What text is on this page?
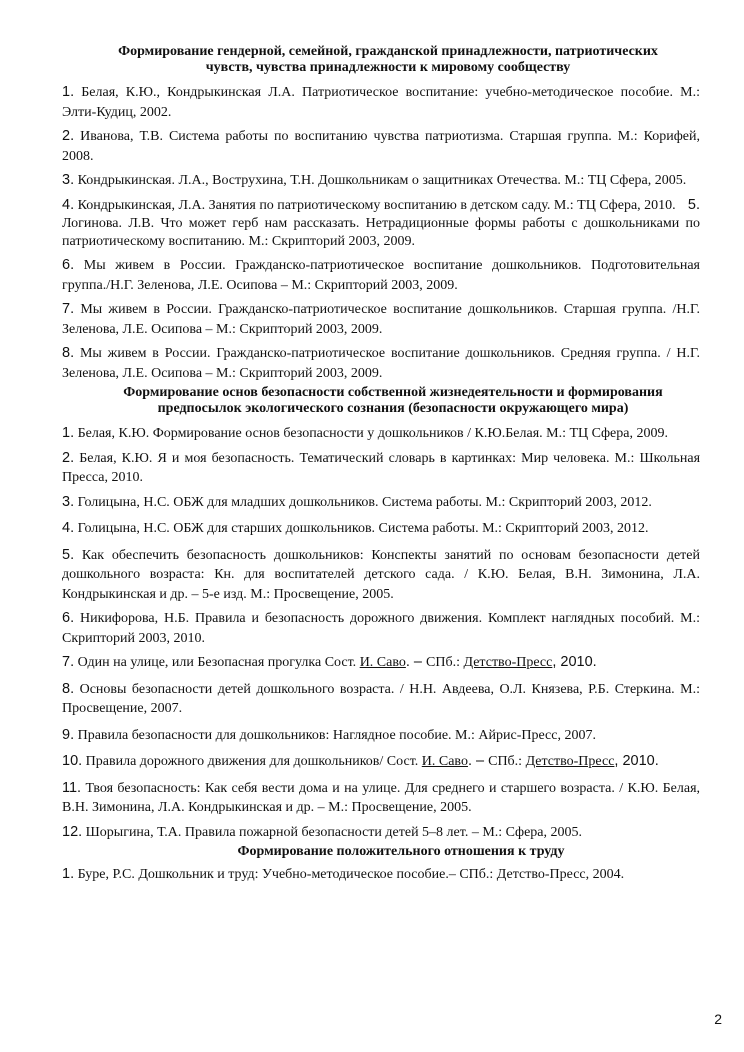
Формирование гендерной, семейной, гражданской принадлежности, патриотических чувств, чувства принадлежности к мировому сообществу
1. Белая, К.Ю., Кондрыкинская Л.А. Патриотическое воспитание: учебно-методическое пособие. М.: Элти-Кудиц, 2002.
2. Иванова, Т.В. Система работы по воспитанию чувства патриотизма. Старшая группа. М.: Корифей, 2008.
3. Кондрыкинская. Л.А., Вострухина, Т.Н. Дошкольникам о защитниках Отечества. М.: ТЦ Сфера, 2005.
4. Кондрыкинская, Л.А. Занятия по патриотическому воспитанию в детском саду. М.: ТЦ Сфера, 2010. 5.
Логинова. Л.В. Что может герб нам рассказать. Нетрадиционные формы работы с дошкольниками по патриотическому воспитанию. М.: Скрипторий 2003, 2009.
6. Мы живем в России. Гражданско-патриотическое воспитание дошкольников. Подготовительная группа./Н.Г. Зеленова, Л.Е. Осипова – М.: Скрипторий 2003, 2009.
7. Мы живем в России. Гражданско-патриотическое воспитание дошкольников. Старшая группа. /Н.Г. Зеленова, Л.Е. Осипова – М.: Скрипторий 2003, 2009.
8. Мы живем в России. Гражданско-патриотическое воспитание дошкольников. Средняя группа. / Н.Г. Зеленова, Л.Е. Осипова – М.: Скрипторий 2003, 2009.
Формирование основ безопасности собственной жизнедеятельности и формирования предпосылок экологического сознания (безопасности окружающего мира)
1. Белая, К.Ю. Формирование основ безопасности у дошкольников / К.Ю.Белая. М.: ТЦ Сфера, 2009.
2. Белая, К.Ю. Я и моя безопасность. Тематический словарь в картинках: Мир человека. М.: Школьная Пресса, 2010.
3. Голицына, Н.С. ОБЖ для младших дошкольников. Система работы. М.: Скрипторий 2003, 2012.
4. Голицына, Н.С. ОБЖ для старших дошкольников. Система работы. М.: Скрипторий 2003, 2012.
5. Как обеспечить безопасность дошкольников: Конспекты занятий по основам безопасности детей дошкольного возраста: Кн. для воспитателей детского сада. / К.Ю. Белая, В.Н. Зимонина, Л.А. Кондрыкинская и др. – 5-е изд. М.: Просвещение, 2005.
6. Никифорова, Н.Б. Правила и безопасность дорожного движения. Комплект наглядных пособий. М.: Скрипторий 2003, 2010.
7. Один на улице, или Безопасная прогулка Сост. И. Саво. – СПб.: Детство-Пресс, 2010.
8. Основы безопасности детей дошкольного возраста. / Н.Н. Авдеева, О.Л. Князева, Р.Б. Стеркина. М.: Просвещение, 2007.
9. Правила безопасности для дошкольников: Наглядное пособие. М.: Айрис-Пресс, 2007.
10. Правила дорожного движения для дошкольников/ Сост. И. Саво. – СПб.: Детство-Пресс, 2010.
11. Твоя безопасность: Как себя вести дома и на улице. Для среднего и старшего возраста. / К.Ю. Белая, В.Н. Зимонина, Л.А. Кондрыкинская и др. – М.: Просвещение, 2005.
12. Шорыгина, Т.А. Правила пожарной безопасности детей 5–8 лет. – М.: Сфера, 2005.
Формирование положительного отношения к труду
1. Буре, Р.С. Дошкольник и труд: Учебно-методическое пособие.– СПб.: Детство-Пресс, 2004.
2
